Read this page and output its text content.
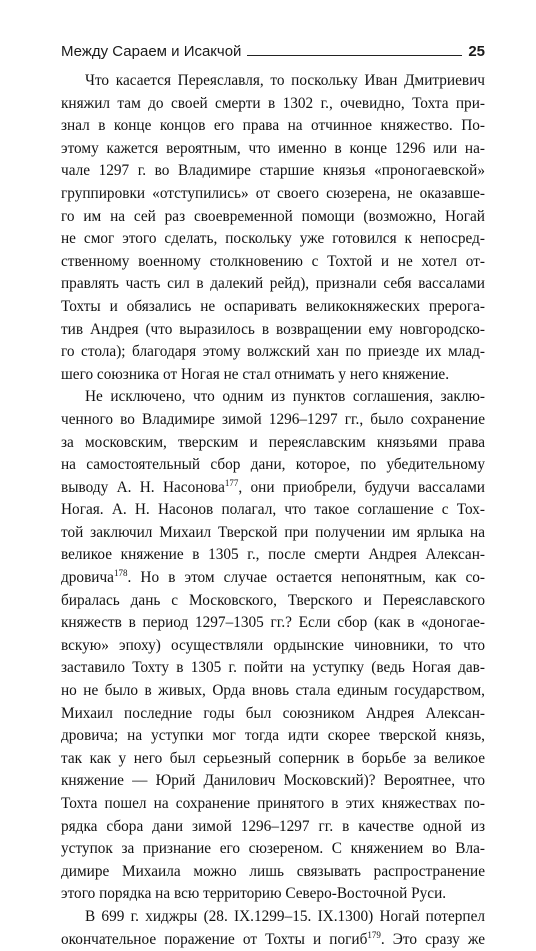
Между Сараем и Исакчой	25
Что касается Переяславля, то поскольку Иван Дмитриевич
княжил там до своей смерти в 1302 г., очевидно, Тохта при-
знал в конце концов его права на отчинное княжество. По-
этому кажется вероятным, что именно в конце 1296 или на-
чале 1297 г. во Владимире старшие князья «проногаевской»
группировки «отступились» от своего сюзерена, не оказавше-
го им на сей раз своевременной помощи (возможно, Ногай
не смог этого сделать, поскольку уже готовился к непосред-
ственному военному столкновению с Тохтой и не хотел от-
правлять часть сил в далекий рейд), признали себя вассалами
Тохты и обязались не оспаривать великокняжеских прерога-
тив Андрея (что выразилось в возвращении ему новгородско-
го стола); благодаря этому волжский хан по приезде их млад-
шего союзника от Ногая не стал отнимать у него княжение.
Не исключено, что одним из пунктов соглашения, заклю-
ченного во Владимире зимой 1296–1297 гг., было сохранение
за московским, тверским и переяславским князьями права
на самостоятельный сбор дани, которое, по убедительному
выводу А. Н. Насонова$^{177}$, они приобрели, будучи вассалами
Ногая. А. Н. Насонов полагал, что такое соглашение с Тох-
той заключил Михаил Тверской при получении им ярлыка на
великое княжение в 1305 г., после смерти Андрея Алексан-
дровича$^{178}$. Но в этом случае остается непонятным, как со-
биралась дань с Московского, Тверского и Переяславского
княжеств в период 1297–1305 гг.? Если сбор (как в «доногае-
вскую» эпоху) осуществляли ордынские чиновники, то что
заставило Тохту в 1305 г. пойти на уступку (ведь Ногая дав-
но не было в живых, Орда вновь стала единым государством,
Михаил последние годы был союзником Андрея Алексан-
дровича; на уступки мог тогда идти скорее тверской князь,
так как у него был серьезный соперник в борьбе за великое
княжение — Юрий Данилович Московский)? Вероятнее, что
Тохта пошел на сохранение принятого в этих княжествах по-
рядка сбора дани зимой 1296–1297 гг. в качестве одной из
уступок за признание его сюзереном. С княжением во Вла-
димире Михаила можно лишь связывать распространение
этого порядка на всю территорию Северо-Восточной Руси.
В 699 г. хиджры (28. IX.1299–15. IX.1300) Ногай потерпел
окончательное поражение от Тохты и погиб$^{179}$. Это сразу же
